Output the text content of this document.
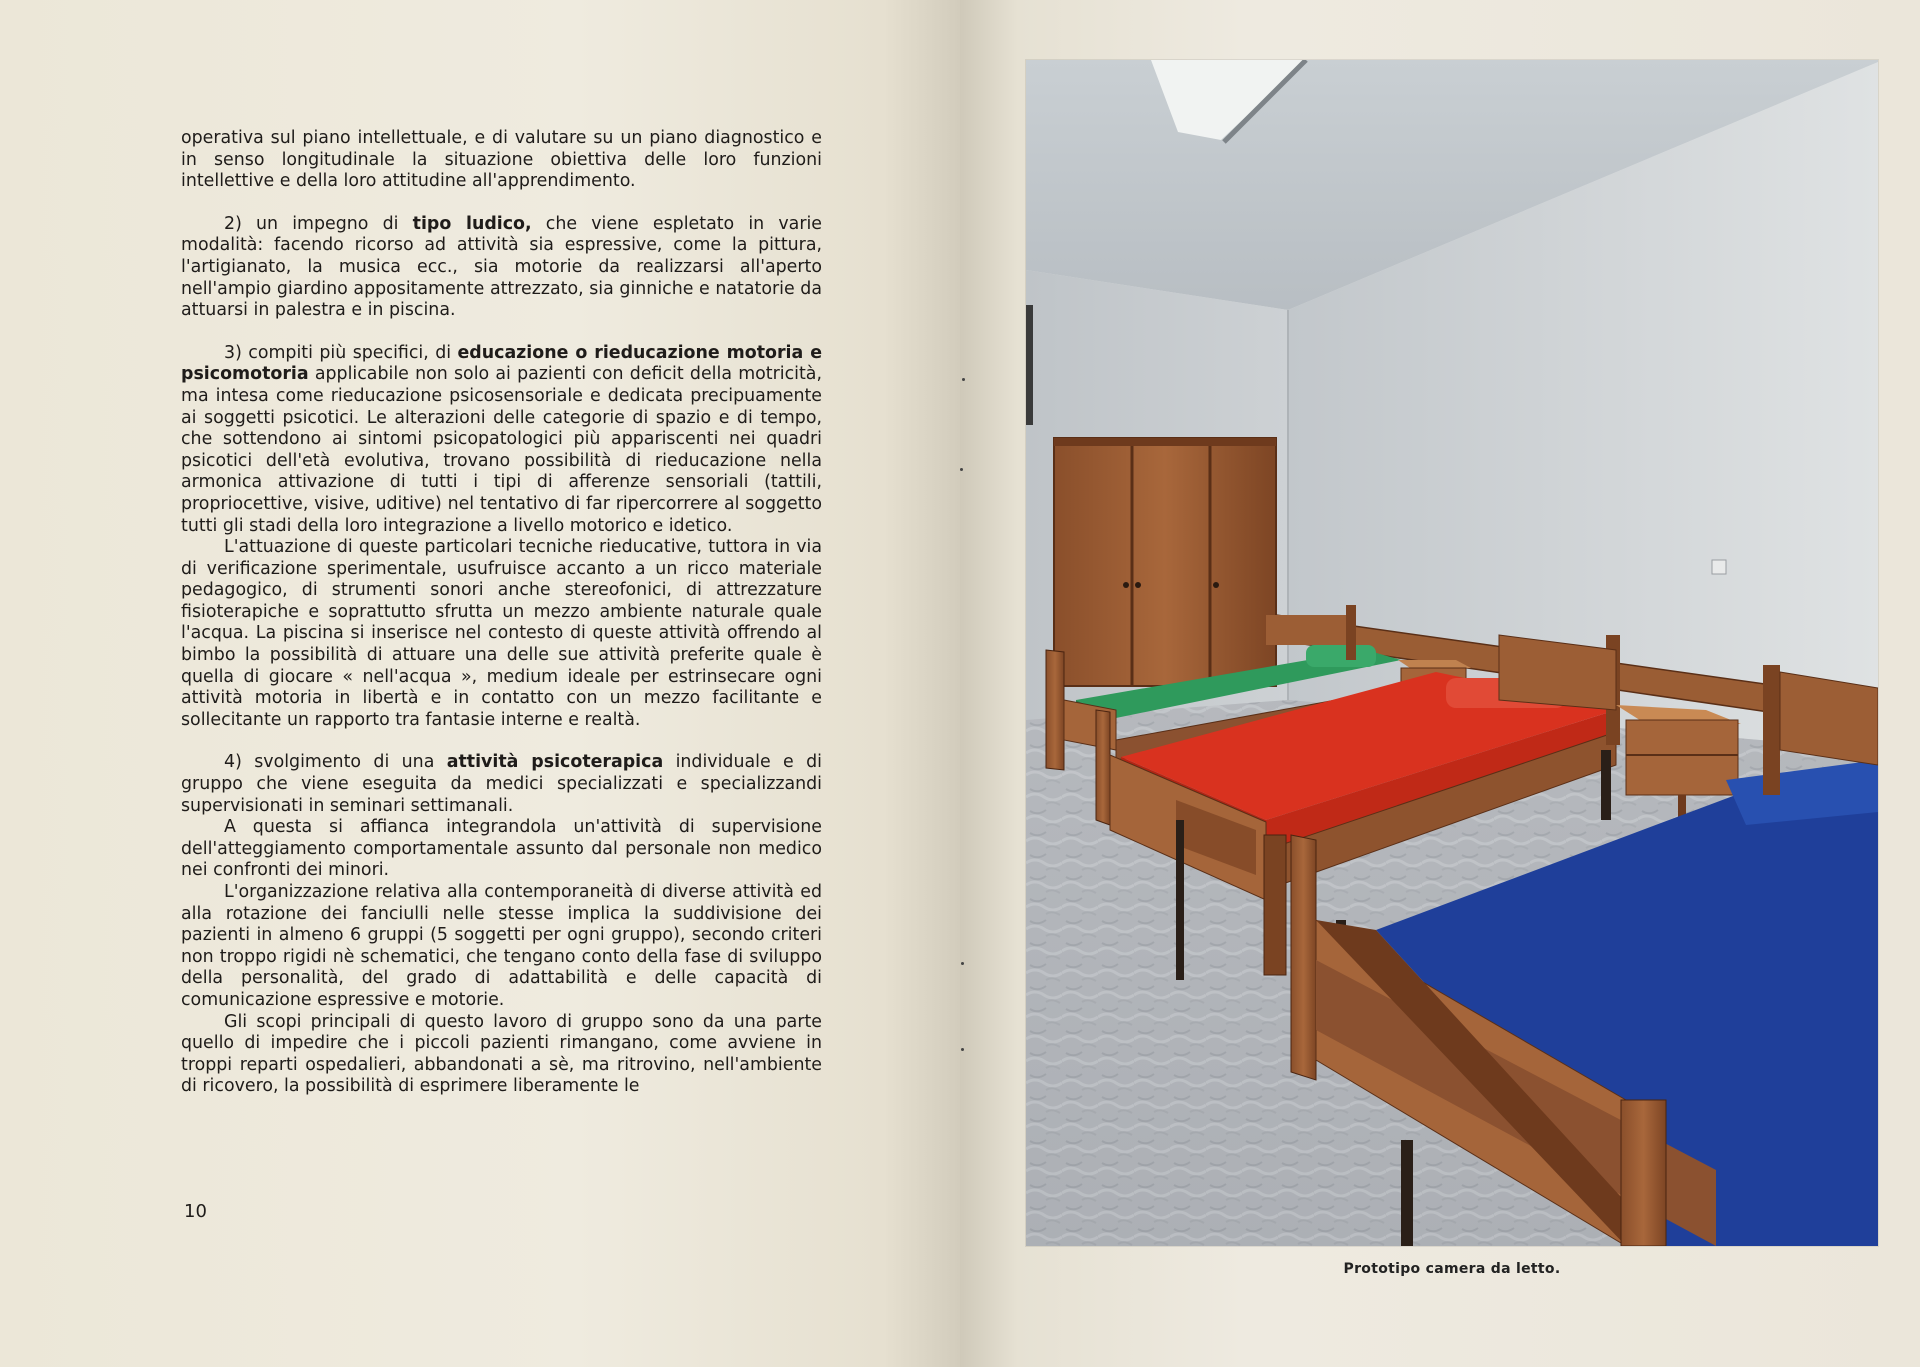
operativa sul piano intellettuale, e di valutare su un piano diagnostico e in senso longitudinale la situazione obiettiva delle loro funzioni intellettive e della loro attitudine all'apprendimento.

2) un impegno di tipo ludico, che viene espletato in varie modalità: facendo ricorso ad attività sia espressive, come la pittura, l'artigianato, la musica ecc., sia motorie da realizzarsi all'aperto nell'ampio giardino appositamente attrezzato, sia ginniche e natatorie da attuarsi in palestra e in piscina.

3) compiti più specifici, di educazione o rieducazione motoria e psicomotoria applicabile non solo ai pazienti con deficit della motricità, ma intesa come rieducazione psicosensoriale e dedicata precipuamente ai soggetti psicotici. Le alterazioni delle categorie di spazio e di tempo, che sottendono ai sintomi psicopatologici più appariscenti nei quadri psicotici dell'età evolutiva, trovano possibilità di rieducazione nella armonica attivazione di tutti i tipi di afferenze sensoriali (tattili, propriocettive, visive, uditive) nel tentativo di far ripercorrere al soggetto tutti gli stadi della loro integrazione a livello motorico e idetico.

L'attuazione di queste particolari tecniche rieducative, tuttora in via di verificazione sperimentale, usufruisce accanto a un ricco materiale pedagogico, di strumenti sonori anche stereofonici, di attrezzature fisioterapiche e soprattutto sfrutta un mezzo ambiente naturale quale l'acqua. La piscina si inserisce nel contesto di queste attività offrendo al bimbo la possibilità di attuare una delle sue attività preferite quale è quella di giocare « nell'acqua », medium ideale per estrinsecare ogni attività motoria in libertà e in contatto con un mezzo facilitante e sollecitante un rapporto tra fantasie interne e realtà.

4) svolgimento di una attività psicoterapica individuale e di gruppo che viene eseguita da medici specializzati e specializzandi supervisionati in seminari settimanali.

A questa si affianca integrandola un'attività di supervisione dell'atteggiamento comportamentale assunto dal personale non medico nei confronti dei minori.

L'organizzazione relativa alla contemporaneità di diverse attività ed alla rotazione dei fanciulli nelle stesse implica la suddivisione dei pazienti in almeno 6 gruppi (5 soggetti per ogni gruppo), secondo criteri non troppo rigidi nè schematici, che tengano conto della fase di sviluppo della personalità, del grado di adattabilità e delle capacità di comunicazione espressive e motorie.

Gli scopi principali di questo lavoro di gruppo sono da una parte quello di impedire che i piccoli pazienti rimangano, come avviene in troppi reparti ospedalieri, abbandonati a sè, ma ritrovino, nell'ambiente di ricovero, la possibilità di esprimere liberamente le

10
Prototipo camera da letto.
